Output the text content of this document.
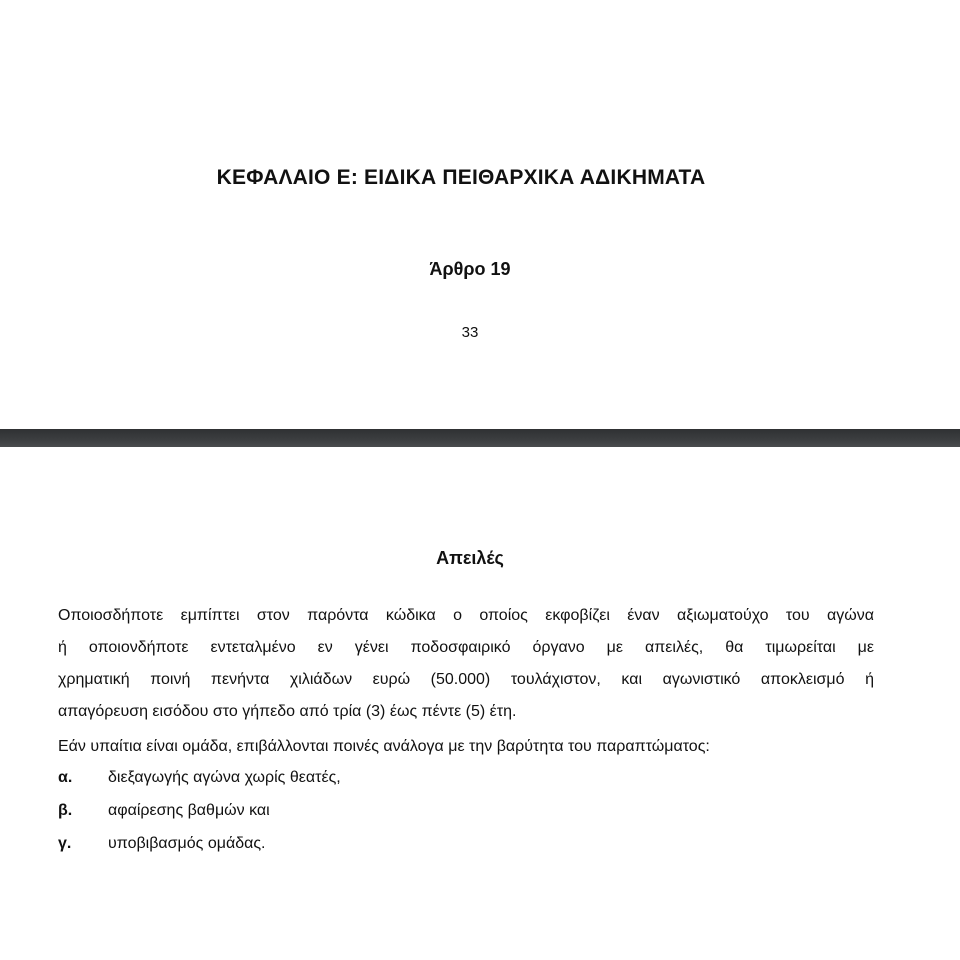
ΚΕΦΑΛΑΙΟ Ε: ΕΙΔΙΚΑ ΠΕΙΘΑΡΧΙΚΑ ΑΔΙΚΗΜΑΤΑ
Άρθρο 19
33
Απειλές
Οποιοσδήποτε εμπίπτει στον παρόντα κώδικα ο οποίος εκφοβίζει έναν αξιωματούχο του αγώνα
ή οποιονδήποτε εντεταλμένο εν γένει ποδοσφαιρικό όργανο με απειλές, θα τιμωρείται με
χρηματική ποινή πενήντα χιλιάδων ευρώ (50.000) τουλάχιστον, και αγωνιστικό αποκλεισμό ή
απαγόρευση εισόδου στο γήπεδο από τρία (3) έως πέντε (5) έτη.

Εάν υπαίτια είναι ομάδα, επιβάλλονται ποινές ανάλογα με την βαρύτητα του παραπτώματος:

α.	διεξαγωγής αγώνα χωρίς θεατές,
β.	αφαίρεσης βαθμών και
γ.	υποβιβασμός ομάδας.
